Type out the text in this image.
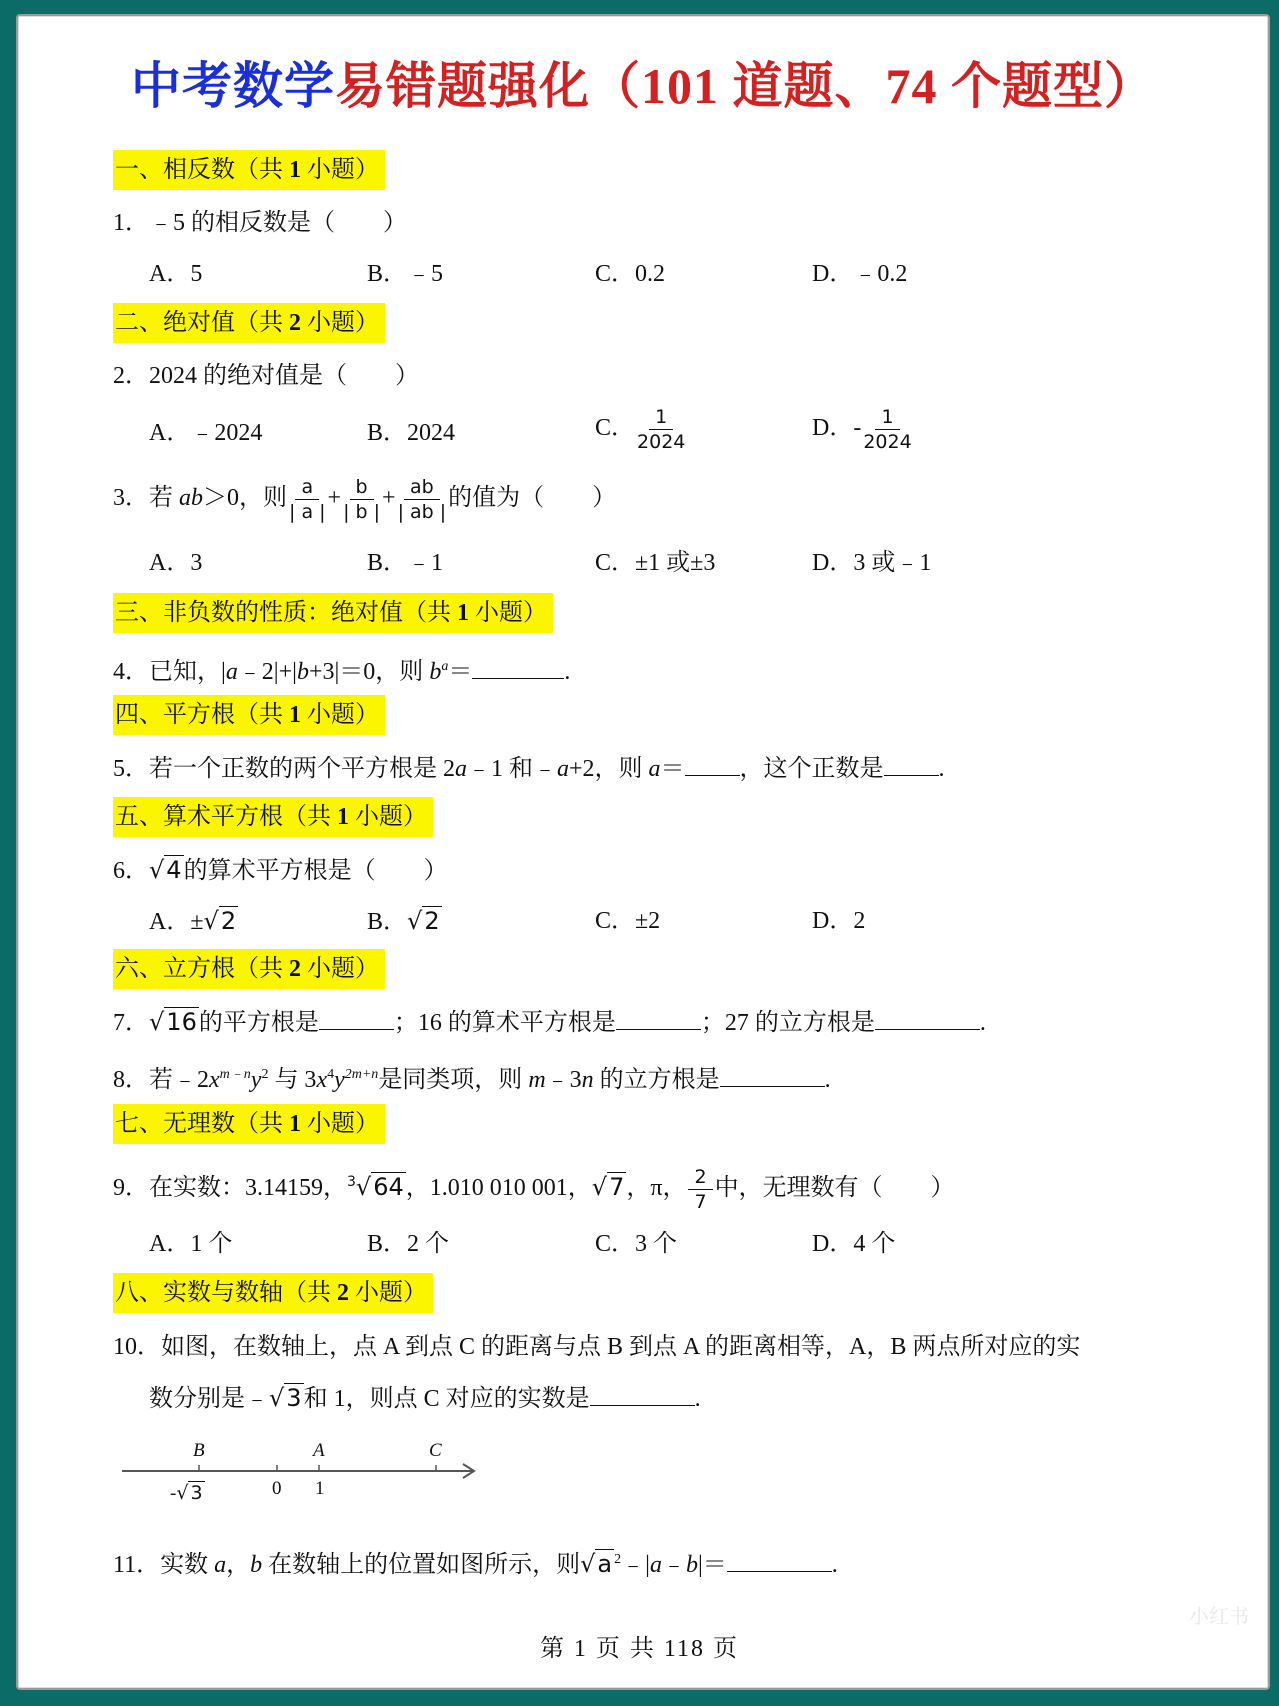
中考数学易错题强化（101 道题、74 个题型）
一、相反数（共 1 小题）
二、绝对值（共 2 小题）
三、非负数的性质：绝对值（共 1 小题）
四、平方根（共 1 小题）
五、算术平方根（共 1 小题）
六、立方根（共 2 小题）
七、无理数（共 1 小题）
八、实数与数轴（共 2 小题）
1．﹣5 的相反数是（　　）
A．5	B．﹣5	C．0.2	D．﹣0.2
2．2024 的绝对值是（　　）
A．﹣2024	B．2024	C． $\frac{1}{2024}$	D．- $\frac{1}{2024}$
3．若 ab＞0，则 $\frac{a}{| a |} + \frac{b}{| b |} + \frac{ab}{| ab |}$ 的值为（　　）
A．3	B．﹣1	C．±1 或±3	D．3 或﹣1
4．已知，|a﹣2|+|b+3|＝0，则 $b^a=$	.
5．若一个正数的两个平方根是 2a﹣1 和﹣a+2，则 a＝ ，这个正数是 .
6．√4的算术平方根是（　　）
A．±√2	B．√2	C．±2	D．2
7．√16的平方根是	；16 的算术平方根是	；27 的立方根是	.
8．若$﹣2x^{m﹣n}y^2$ 与 $3x^4y^{2m+n}$是同类项，则 m﹣3n 的立方根是	.
9．在实数：3.14159，$^3$√64，1.010 010 001，√7，π， $\frac{2}{7}$ 中，无理数有（　　）
A．1 个	B．2 个	C．3 个	D．4 个
10．如图，在数轴上，点 A 到点 C 的距离与点 B 到点 A 的距离相等，A，B 两点所对应的实
数分别是﹣√3和 1，则点 C 对应的实数是	.
B	A	C
-√ 3	0 1
11．实数 a，b 在数轴上的位置如图所示，则√a $^2$﹣|a﹣b|＝	.
第 1 页 共 118 页
小红书
